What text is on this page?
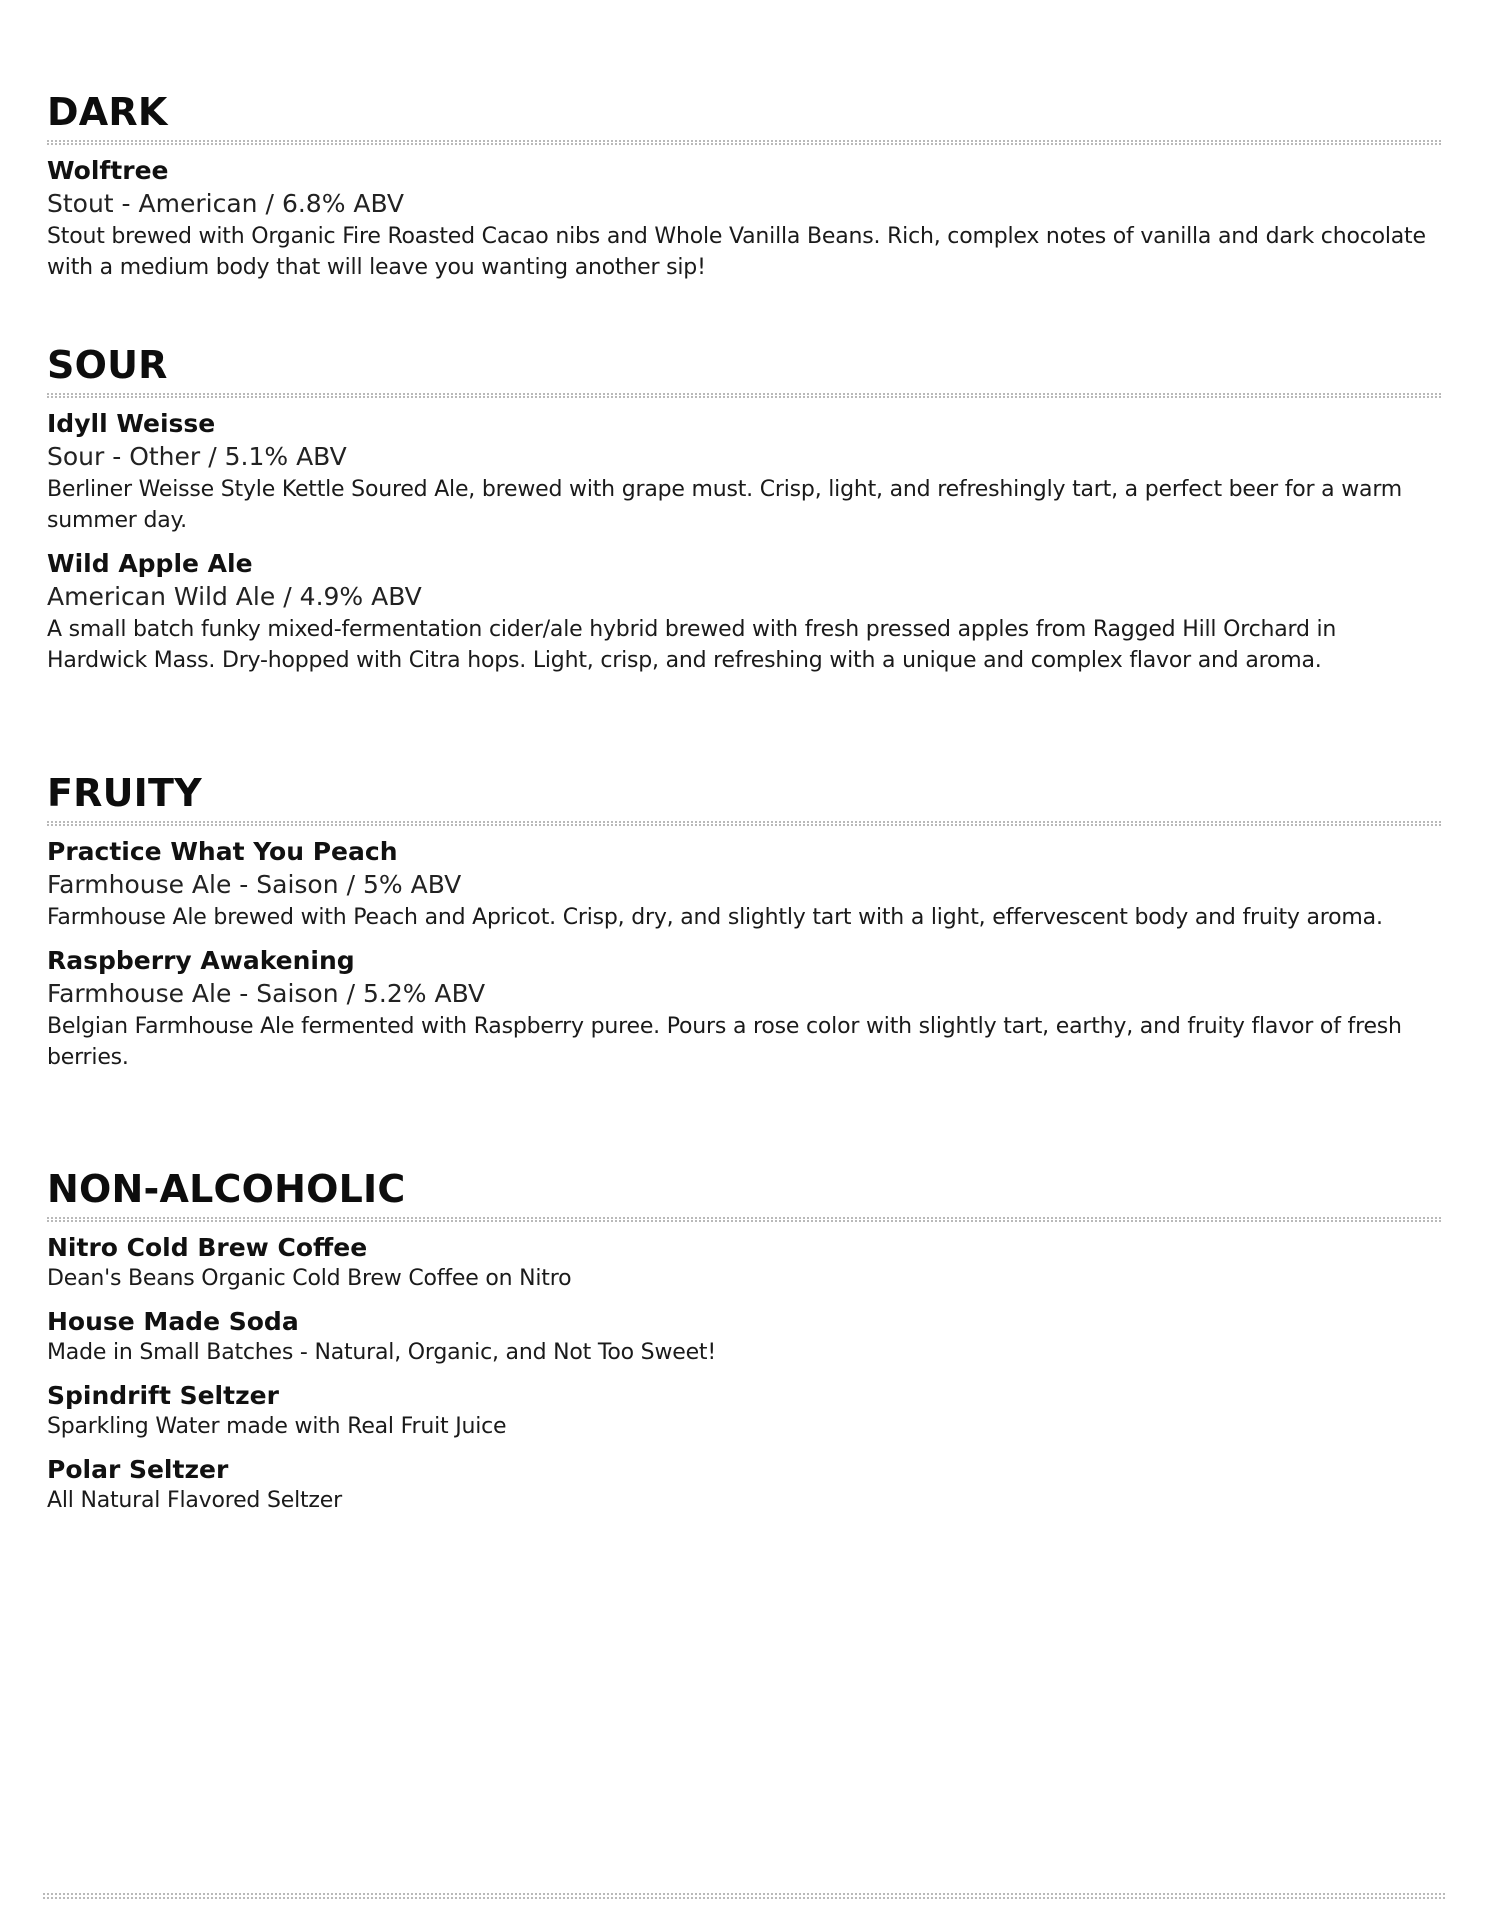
DARK
Wolftree
Stout - American / 6.8% ABV
Stout brewed with Organic Fire Roasted Cacao nibs and Whole Vanilla Beans. Rich, complex notes of vanilla and dark chocolate with a medium body that will leave you wanting another sip!
SOUR
Idyll Weisse
Sour - Other / 5.1% ABV
Berliner Weisse Style Kettle Soured Ale, brewed with grape must. Crisp, light, and refreshingly tart, a perfect beer for a warm summer day.
Wild Apple Ale
American Wild Ale / 4.9% ABV
A small batch funky mixed-fermentation cider/ale hybrid brewed with fresh pressed apples from Ragged Hill Orchard in Hardwick Mass. Dry-hopped with Citra hops. Light, crisp, and refreshing with a unique and complex flavor and aroma.
FRUITY
Practice What You Peach
Farmhouse Ale - Saison / 5% ABV
Farmhouse Ale brewed with Peach and Apricot. Crisp, dry, and slightly tart with a light, effervescent body and fruity aroma.
Raspberry Awakening
Farmhouse Ale - Saison / 5.2% ABV
Belgian Farmhouse Ale fermented with Raspberry puree. Pours a rose color with slightly tart, earthy, and fruity flavor of fresh berries.
NON-ALCOHOLIC
Nitro Cold Brew Coffee
Dean's Beans Organic Cold Brew Coffee on Nitro
House Made Soda
Made in Small Batches - Natural, Organic, and Not Too Sweet!
Spindrift Seltzer
Sparkling Water made with Real Fruit Juice
Polar Seltzer
All Natural Flavored Seltzer
